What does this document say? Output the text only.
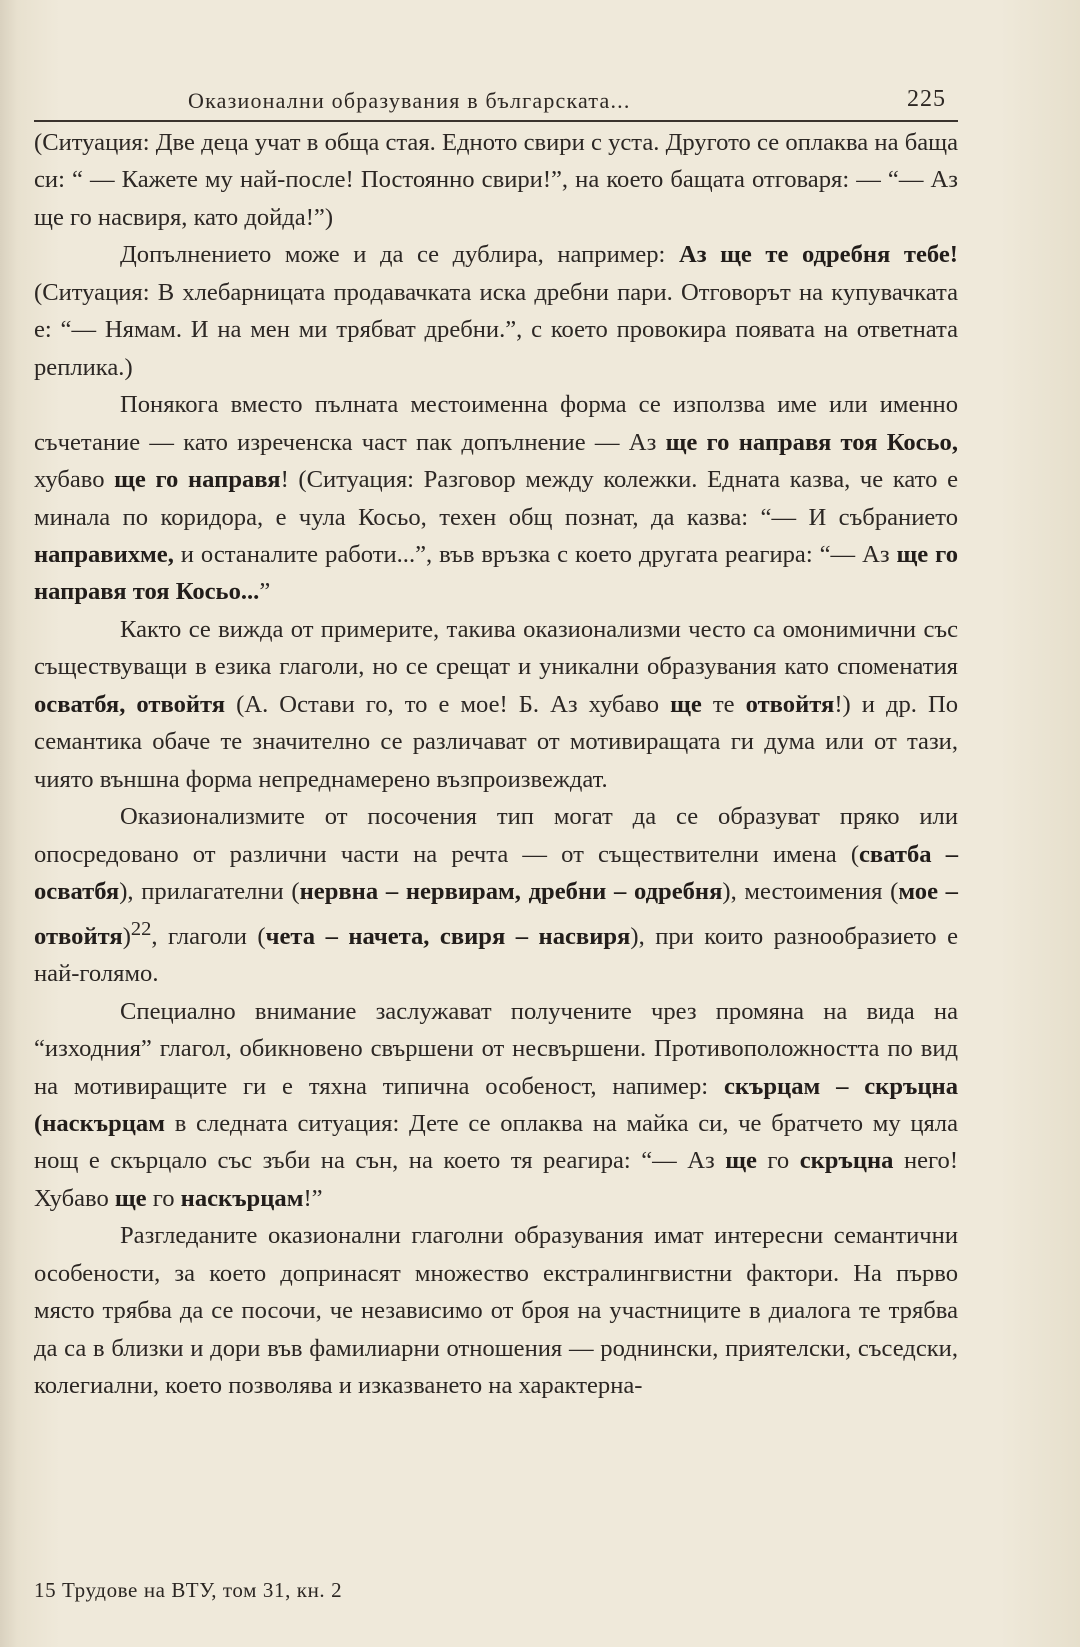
Оказионални образувания в българската...	225

(Ситуация: Две деца учат в обща стая. Едното свири с уста. Другото се оплаква на баща си: “ — Кажете му най-после! Постоянно свири!”, на което бащата отговаря: — “— Аз ще го насвиря, като дойда!”)

Допълнението може и да се дублира, например: Аз ще те одребня тебе! (Ситуация: В хлебарницата продавачката иска дребни пари. Отговорът на купувачката е: “— Нямам. И на мен ми трябват дребни.”, с което провокира появата на ответната реплика.)

Понякога вместо пълната местоименна форма се използва име или именно съчетание — като изреченска част пак допълнение — Аз ще го направя тоя Косьо, хубаво ще го направя! (Ситуация: Разговор между колежки. Едната казва, че като е минала по коридора, е чула Косьо, техен общ познат, да казва: “— И събранието направихме, и останалите работи...”, във връзка с което другата реагира: “— Аз ще го направя тоя Косьо...”

Както се вижда от примерите, такива оказионализми често са омонимични със съществуващи в езика глаголи, но се срещат и уникални образувания като споменатия осватбя, отвойтя (А. Остави го, то е мое! Б. Аз хубаво ще те отвойтя!) и др. По семантика обаче те значително се различават от мотивиращата ги дума или от тази, чиято външна форма непреднамерено възпроизвеждат.

Оказионализмите от посочения тип могат да се образуват пряко или опосредовано от различни части на речта — от съществителни имена (сватба – осватбя), прилагателни (нервна – нервирам, дребни – одребня), местоимения (мое – отвойтя)$^{22}$, глаголи (чета – начета, свиря – насвиря), при които разнообразието е най-голямо.

Специално внимание заслужават получените чрез промяна на вида на “изходния” глагол, обикновено свършени от несвършени. Противоположността по вид на мотивиращите ги е тяхна типична особеност, напимер: скърцам – скръцна (наскърцам в следната ситуация: Дете се оплаква на майка си, че братчето му цяла нощ е скърцало със зъби на сън, на което тя реагира: “— Аз ще го скръцна него! Хубаво ще го наскърцам!”

Разгледаните оказионални глаголни образувания имат интересни семантични особености, за което допринасят множество екстралингвистни фактори. На първо място трябва да се посочи, че независимо от броя на участниците в диалога те трябва да са в близки и дори във фамилиарни отношения — роднински, приятелски, съседски, колегиални, което позволява и изказването на характерна-

15 Трудове на ВТУ, том 31, кн. 2
